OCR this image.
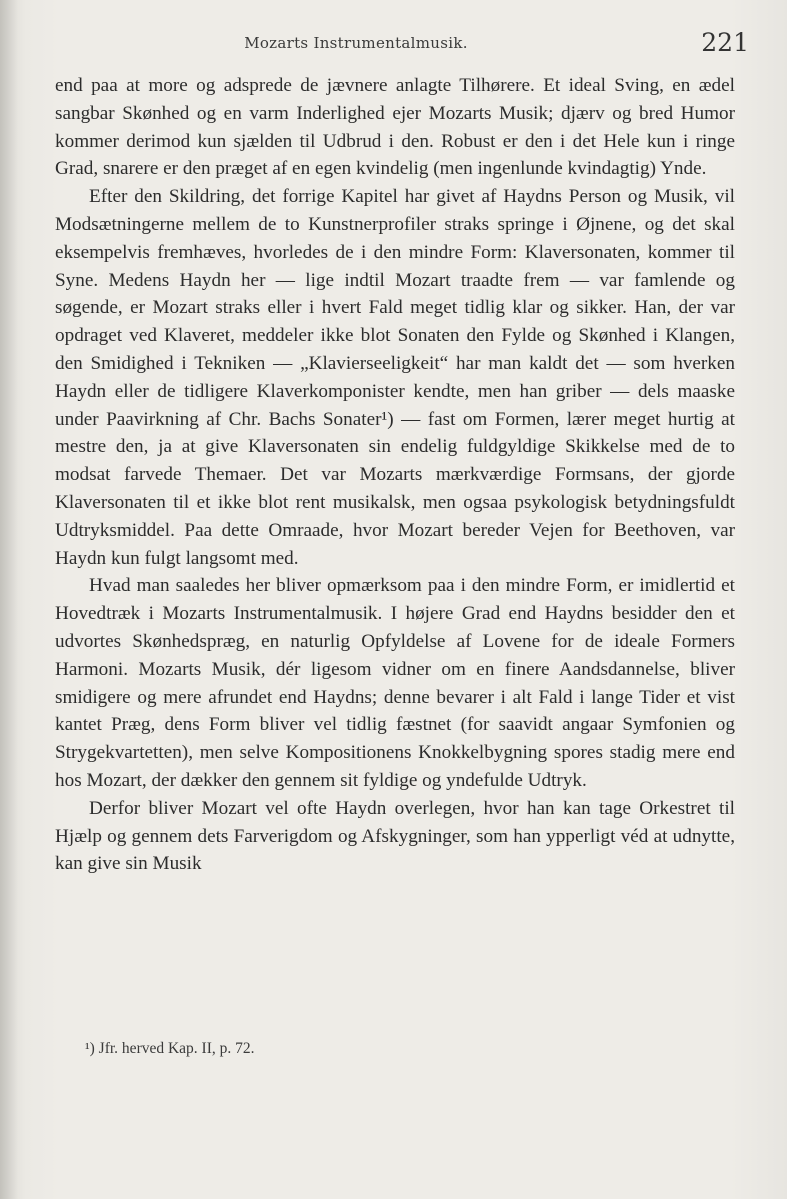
Mozarts Instrumentalmusik.	221

end paa at more og adsprede de jævnere anlagte Tilhørere. Et ideal Sving, en ædel sangbar Skønhed og en varm Inderlighed ejer Mozarts Musik; djærv og bred Humor kommer derimod kun sjælden til Udbrud i den. Robust er den i det Hele kun i ringe Grad, snarere er den præget af en egen kvindelig (men ingenlunde kvindagtig) Ynde.

Efter den Skildring, det forrige Kapitel har givet af Haydns Person og Musik, vil Modsætningerne mellem de to Kunstnerprofiler straks springe i Øjnene, og det skal eksempelvis fremhæves, hvorledes de i den mindre Form: Klaversonaten, kommer til Syne. Medens Haydn her — lige indtil Mozart traadte frem — var famlende og søgende, er Mozart straks eller i hvert Fald meget tidlig klar og sikker. Han, der var opdraget ved Klaveret, meddeler ikke blot Sonaten den Fylde og Skønhed i Klangen, den Smidighed i Tekniken — „Klavierseeligkeit“ har man kaldt det — som hverken Haydn eller de tidligere Klaverkomponister kendte, men han griber — dels maaske under Paavirkning af Chr. Bachs Sonater¹) — fast om Formen, lærer meget hurtig at mestre den, ja at give Klaversonaten sin endelig fuldgyldige Skikkelse med de to modsat farvede Themaer. Det var Mozarts mærkværdige Formsans, der gjorde Klaversonaten til et ikke blot rent musikalsk, men ogsaa psykologisk betydningsfuldt Udtryksmiddel. Paa dette Omraade, hvor Mozart bereder Vejen for Beethoven, var Haydn kun fulgt langsomt med.

Hvad man saaledes her bliver opmærksom paa i den mindre Form, er imidlertid et Hovedtræk i Mozarts Instrumentalmusik. I højere Grad end Haydns besidder den et udvortes Skønhedspræg, en naturlig Opfyldelse af Lovene for de ideale Formers Harmoni. Mozarts Musik, dér ligesom vidner om en finere Aandsdannelse, bliver smidigere og mere afrundet end Haydns; denne bevarer i alt Fald i lange Tider et vist kantet Præg, dens Form bliver vel tidlig fæstnet (for saavidt angaar Symfonien og Strygekvartetten), men selve Kompositionens Knokkelbygning spores stadig mere end hos Mozart, der dækker den gennem sit fyldige og yndefulde Udtryk.

Derfor bliver Mozart vel ofte Haydn overlegen, hvor han kan tage Orkestret til Hjælp og gennem dets Farverigdom og Afskygninger, som han ypperligt véd at udnytte, kan give sin Musik

¹) Jfr. herved Kap. II, p. 72.
